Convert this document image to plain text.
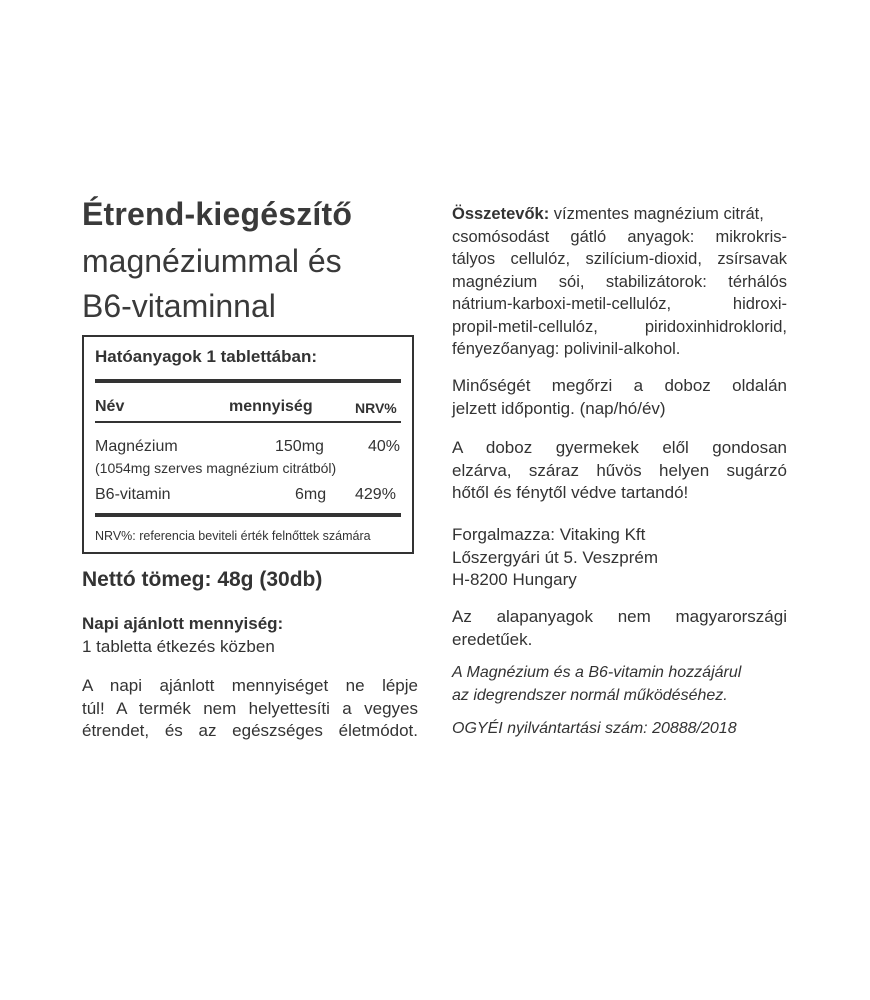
Étrend-kiegészítő
magnéziummal és
B6-vitaminnal
Hatóanyagok 1 tablettában:
Név	mennyiség	NRV%
Magnézium	150mg	40%
(1054mg szerves magnézium citrátból)
B6-vitamin	6mg 429%
NRV%: referencia beviteli érték felnőttek számára
Nettó tömeg: 48g (30db)
Napi ajánlott mennyiség:
1 tabletta étkezés közben
A napi ajánlott mennyiséget ne lépje
túl! A termék nem helyettesíti a vegyes
étrendet, és az egészséges életmódot.
Összetevők: vízmentes magnézium citrát,
csomósodást gátló anyagok: mikrokris-
tályos cellulóz, szilícium-dioxid, zsírsavak
magnézium sói, stabilizátorok: térhálós
nátrium-karboxi-metil-cellulóz, hidroxi-
propil-metil-cellulóz, piridoxinhidroklorid,
fényezőanyag: polivinil-alkohol.
Minőségét megőrzi a doboz oldalán
jelzett időpontig. (nap/hó/év)
A doboz gyermekek elől gondosan
elzárva, száraz hűvös helyen sugárzó
hőtől és fénytől védve tartandó!
Forgalmazza: Vitaking Kft
Lőszergyári út 5. Veszprém
H-8200 Hungary
Az alapanyagok nem magyarországi
eredetűek.
A Magnézium és a B6-vitamin hozzájárul
az idegrendszer normál működéséhez.
OGYÉI nyilvántartási szám: 20888/2018
